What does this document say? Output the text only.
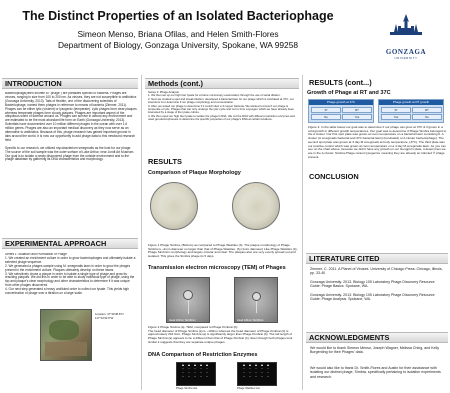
The Distinct Properties of an Isolated Bacteriophage
Simeon Menso, Briana Ofilas, and Helen Smith-Flores
Department of Biology, Gonzaga University, Spokane, WA 99258
GONZAGA
UNIVERSITY
INTRODUCTION
Bacteriophage(often shorten to "phage") are parasites specific to bacteria. Phages are viruses, ranging in size from 100 to 200 nm. As viruses, they are not susceptible to antibiotics (Gonzaga University, 2013). Tails of flexible, one of the discovering scientists of Bacteriophage, named them phages in reference to means of bacteria (Zimmer, 2011). Phages can be either lytic (virulent) or lysogenic (temperate). Lytic phages form clear plaques whereas temperate phages form cloudy plaques. Phages are important aspect of the ubiquitous world of science around us. Phages can survive in almost any environment and are estimated to be the most abundant life form on Earth (Gonzaga University, 2013). Scientists have documented over 10 million different phages in the ocean with over 1.6 million genes. Phages are also an important medical discovery as they now serve as an alternative to antibiotics. Because of this, phage research has gained important ground in labs around the world. It is now our opportunity to add phage data to this newfound research field.

Specific to our research, we utilized mycobacterium smegmatis as the host for our phage. The source of the soil sample was the outer surface of Lake Arthur, near Jundt Art Museum. Our goal is to isolate a newly discovered phage from the outside environment and to the phage database by gathering its DNA characteristics and morphology.
EXPERIMENTAL APPROACH
Series 1: Isolation and Purification of Phage
1. We created an enrichment culture in order to grow bacteriophages and ultimately isolate a selected phage sequence.
2. We generated a phages sample using M. smegmatis lawn in order to grow the phages present in the enrichment culture. Plaques ultimately develop on these lawns.
3. We selectively chose a plaque in order to isolate a single type of phage and grow its resulting plaques. We did this in order to be able to study individual type of phage, using the top and plaque's clear morphology and other characteristics to determine if it was unique from other phages discovered.
4. Our next step generated a heavy undiluted order to collect our lysate. This yields high concentration of phage over a titration on a large scale.
Location: 47°39'48.8"N 117°24'32.6"W
Methods (cont.)
Series 2: Phage Analysis
1. We then set up our high titer lysate for a future microscopy examination through the use of serial dilution.
2. Next we created a spot and streak titration, developed a bacterial lawn for our phage which is incubated at 37C, our intentions is to determine if our phage morphology and concentration.
3. After, we tested our phage to determine if it could infect a 3 copper bacteria. We wanted to know if our phage is temperate or lytic. Phages that can only undergo the lytic cycle and not to form a lysogen which we have already been interested by a stage of the lysate culture.
4. We then used our high titer lysate to isolate the phage's DNA. We cut the DNA with different restriction enzymes and used gel electrophoresis to determine the specific properties of our phage's DNA at certain locations.
RESULTS
Comparison of Plaque Morphology
Figure 1 Phage Simbra, (Bottom) as compared to Phage Wastiles (b). The plaque morphology of Phage Simbra is ~2mm diameter no larger than that of Phage Wastiles. (b) (1mm diameter) Like Phage Wastiles (b), Phage Simbra's morphology and largely circular and clear. The plaques also are very evenly spread out and isolated. This gives the Simbra phage its 5 days.
Transmission electron microscopy (TEM) of Phages
Head 100nm Tail 90nm	Head 100nm Tail 90nm
Figure 2 Phage Simbra (a), TEM, compared to Phage Kimbrai (b)
The head diameter of Phage Simbra (a) is ~100nm whereas the head diameter of Phage Kimbrai (b) is approximately 216.9nm. Phage Simbra (a) is significantly larger than Phage Kimbrai (b). The tail length of Phage Simbra (a) appears to be a different than that of Phage Kimbrai (b). Even though both phages look similar it suggests that they are separate unique phages.
DNA Comparison of Restriction Enzymes
Phage Simbra Gel	Phage Wastiles Gel
RESULTS (cont...)
Growth of Phage at RT and 37C
Phage growth at 37C
37	RT
No	Yes
Phage growth at RT growth
37	RT
Yes	No
Figure 4: In the table below our goal was to determine if our phage can grow at 37C & if grown in a cold growth in different growth temperatures. Our goal was to determine if Phage Simbra belonged to the A cluster. Our first spot plate was grown at room temperature on a bacterial lawn consisting 0. A cluster (A smegmatis bacterial and 37C bacterial lawn) (Incubated) or A cluster bacteriophage). The second spot plate was grown at 3 day M.smegmatis at body temperature, (37C). The third plate was our positive control which was grown at room temperature on a 4 day M.smegmatis lawn. As you can see on the chart above, because we didn't have any growth on our Gungpin's plate, it determines we are in the A cluster. Simbra Phage cannot lysogenize meaning they are already an infected ® phage present.
CONCLUSION
LITERATURE CITED
Zimmer, C. 2011. A Planet of Viruses. University of Chicago Press: Chicago, Illinois, pp. 33-40
Gonzaga University. 2013. Biology 105 Laboratory Phage Discovery Resource Guide: Phage Basics. Spokane, WA.
Gonzaga University. 2013. Biology 105 Laboratory Phage Discovery Resource Guide: Phage Analysis. Spokane, WA.
ACKNOWLEDGMENTS
We would like to thank Simeon Menso, Joseph Wagner, Melissa Ching, and Kelly Borgerding for their Phages' data.
We would also like to thank Dr. Smith-Flores and Austin for their assistance with isolating our distinct phage, Simbra, specifically pertaining to isolation experiments and research.
